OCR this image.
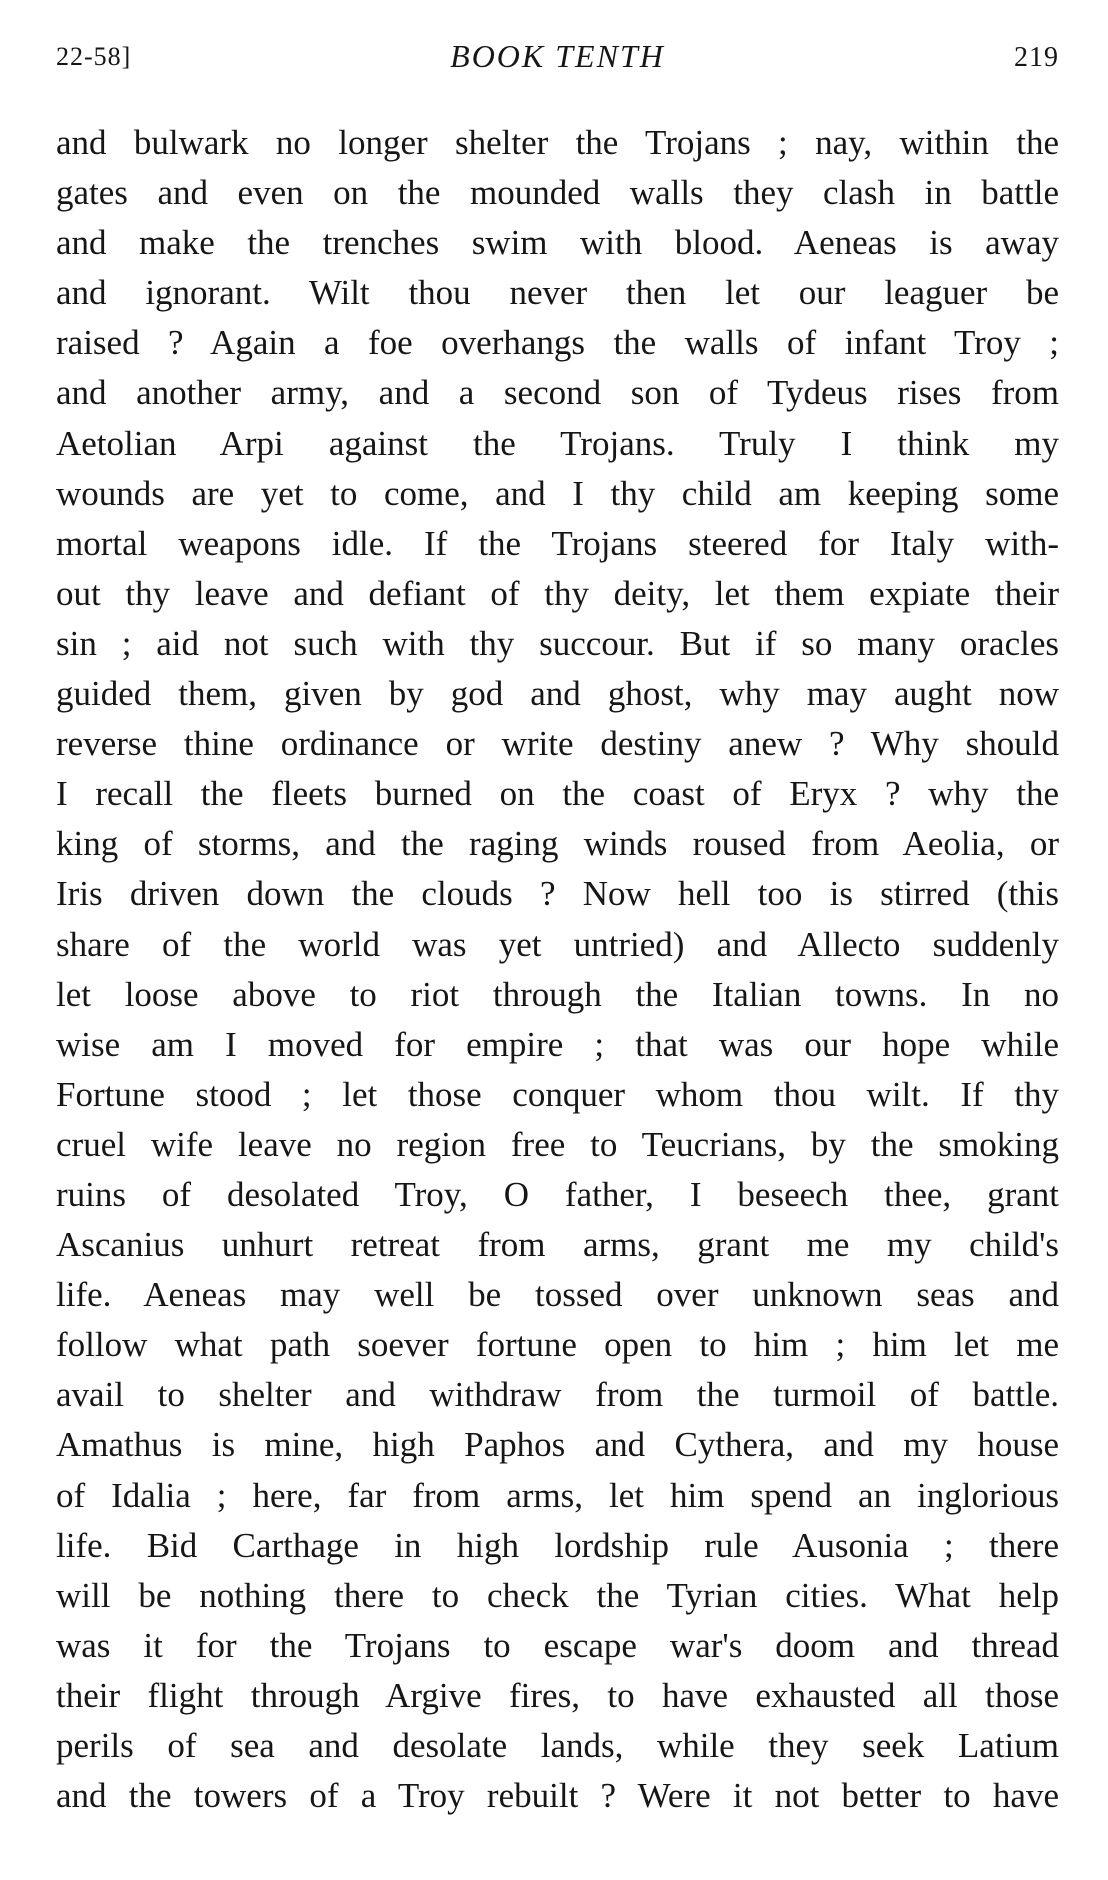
22-58]	BOOK TENTH	219
and bulwark no longer shelter the Trojans ; nay, within the
gates and even on the mounded walls they clash in battle
and make the trenches swim with blood. Aeneas is away
and ignorant. Wilt thou never then let our leaguer be
raised ? Again a foe overhangs the walls of infant Troy ;
and another army, and a second son of Tydeus rises from
Aetolian Arpi against the Trojans. Truly I think my
wounds are yet to come, and I thy child am keeping some
mortal weapons idle. If the Trojans steered for Italy with-
out thy leave and defiant of thy deity, let them expiate their
sin ; aid not such with thy succour. But if so many oracles
guided them, given by god and ghost, why may aught now
reverse thine ordinance or write destiny anew ? Why should
I recall the fleets burned on the coast of Eryx ? why the
king of storms, and the raging winds roused from Aeolia, or
Iris driven down the clouds ? Now hell too is stirred (this
share of the world was yet untried) and Allecto suddenly
let loose above to riot through the Italian towns. In no
wise am I moved for empire ; that was our hope while
Fortune stood ; let those conquer whom thou wilt. If thy
cruel wife leave no region free to Teucrians, by the smoking
ruins of desolated Troy, O father, I beseech thee, grant
Ascanius unhurt retreat from arms, grant me my child's
life. Aeneas may well be tossed over unknown seas and
follow what path soever fortune open to him ; him let me
avail to shelter and withdraw from the turmoil of battle.
Amathus is mine, high Paphos and Cythera, and my house
of Idalia ; here, far from arms, let him spend an inglorious
life. Bid Carthage in high lordship rule Ausonia ; there
will be nothing there to check the Tyrian cities. What help
was it for the Trojans to escape war's doom and thread
their flight through Argive fires, to have exhausted all those
perils of sea and desolate lands, while they seek Latium
and the towers of a Troy rebuilt ? Were it not better to have
